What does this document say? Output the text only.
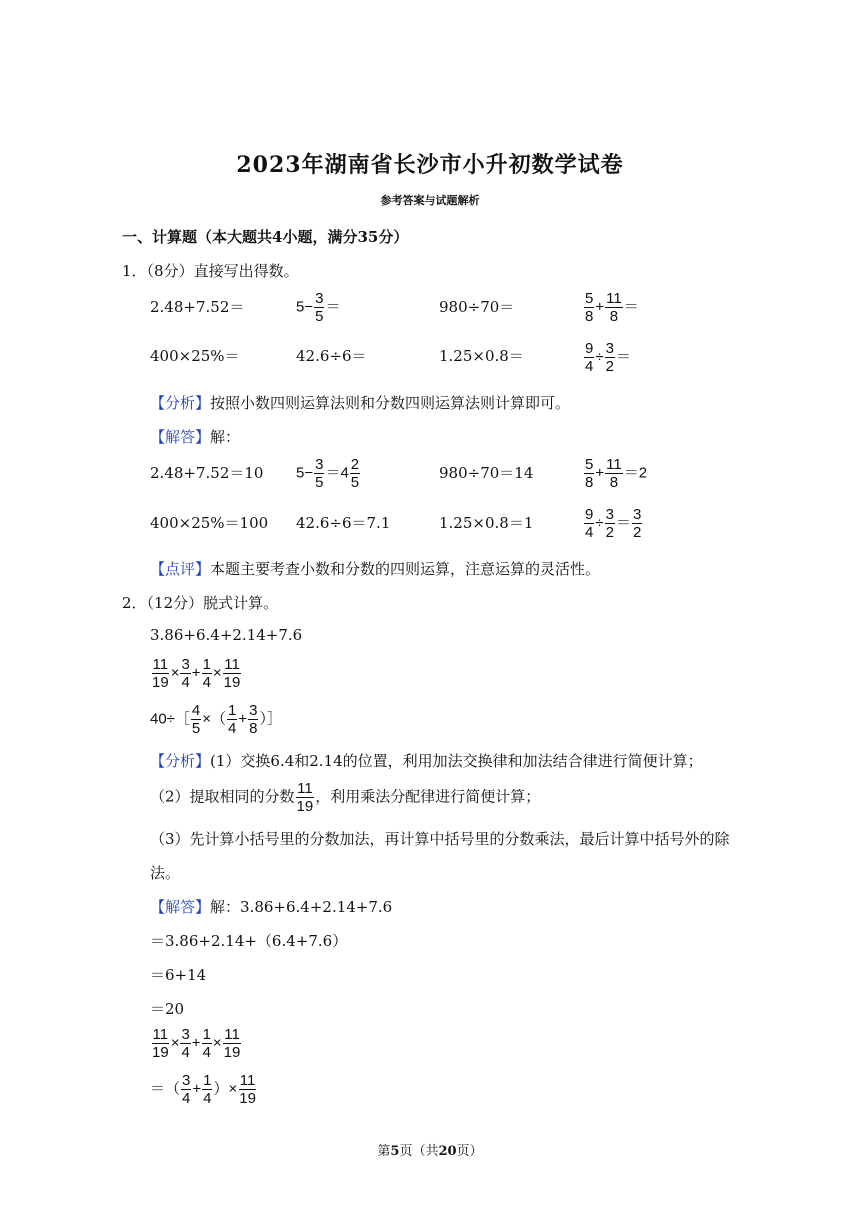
2023年湖南省长沙市小升初数学试卷
参考答案与试题解析
一、计算题（本大题共4小题，满分35分）
1．（8分）直接写出得数。
2.48+7.52＝	$5- \frac{3}{5}$ ＝	980÷70＝	$\frac{5}{8} + \frac{11}{8}$ ＝
400×25%＝	42.6÷6＝	1.25×0.8＝	$\frac{9}{4} \div \frac{3}{2}$ ＝
【分析】按照小数四则运算法则和分数四则运算法则计算即可。
【解答】解：
2.48+7.52＝10 $5- \frac{3}{5} =4 \frac{2}{5}$	980÷70＝14	$\frac{5}{8} + \frac{11}{8} =2$
400×25%＝100 42.6÷6＝7.1	1.25×0.8＝1	$\frac{9}{4} \div \frac{3}{2} = \frac{3}{2}$
【点评】本题主要考查小数和分数的四则运算，注意运算的灵活性。
2．（12分）脱式计算。
3.86+6.4+2.14+7.6
$\frac{11}{19} \times \frac{3}{4} + \frac{1}{4} \times \frac{11}{19}$
40÷［ $\frac{4}{5}$ ×（ $\frac{1}{4} + \frac{3}{8}$ ）］
【分析】(1）交换6.4和2.14的位置，利用加法交换律和加法结合律进行简便计算；
（2）提取相同的分数 $\frac{11}{19}$ ，利用乘法分配律进行简便计算；
（3）先计算小括号里的分数加法，再计算中括号里的分数乘法，最后计算中括号外的除
法。
【解答】解：3.86+6.4+2.14+7.6
＝3.86+2.14+（6.4+7.6）
＝6+14
＝20
$\frac{11}{19} \times \frac{3}{4} + \frac{1}{4} \times \frac{11}{19}$
＝（ $\frac{3}{4} + \frac{1}{4}$ ）× $\frac{11}{19}$
第5页（共20页）
